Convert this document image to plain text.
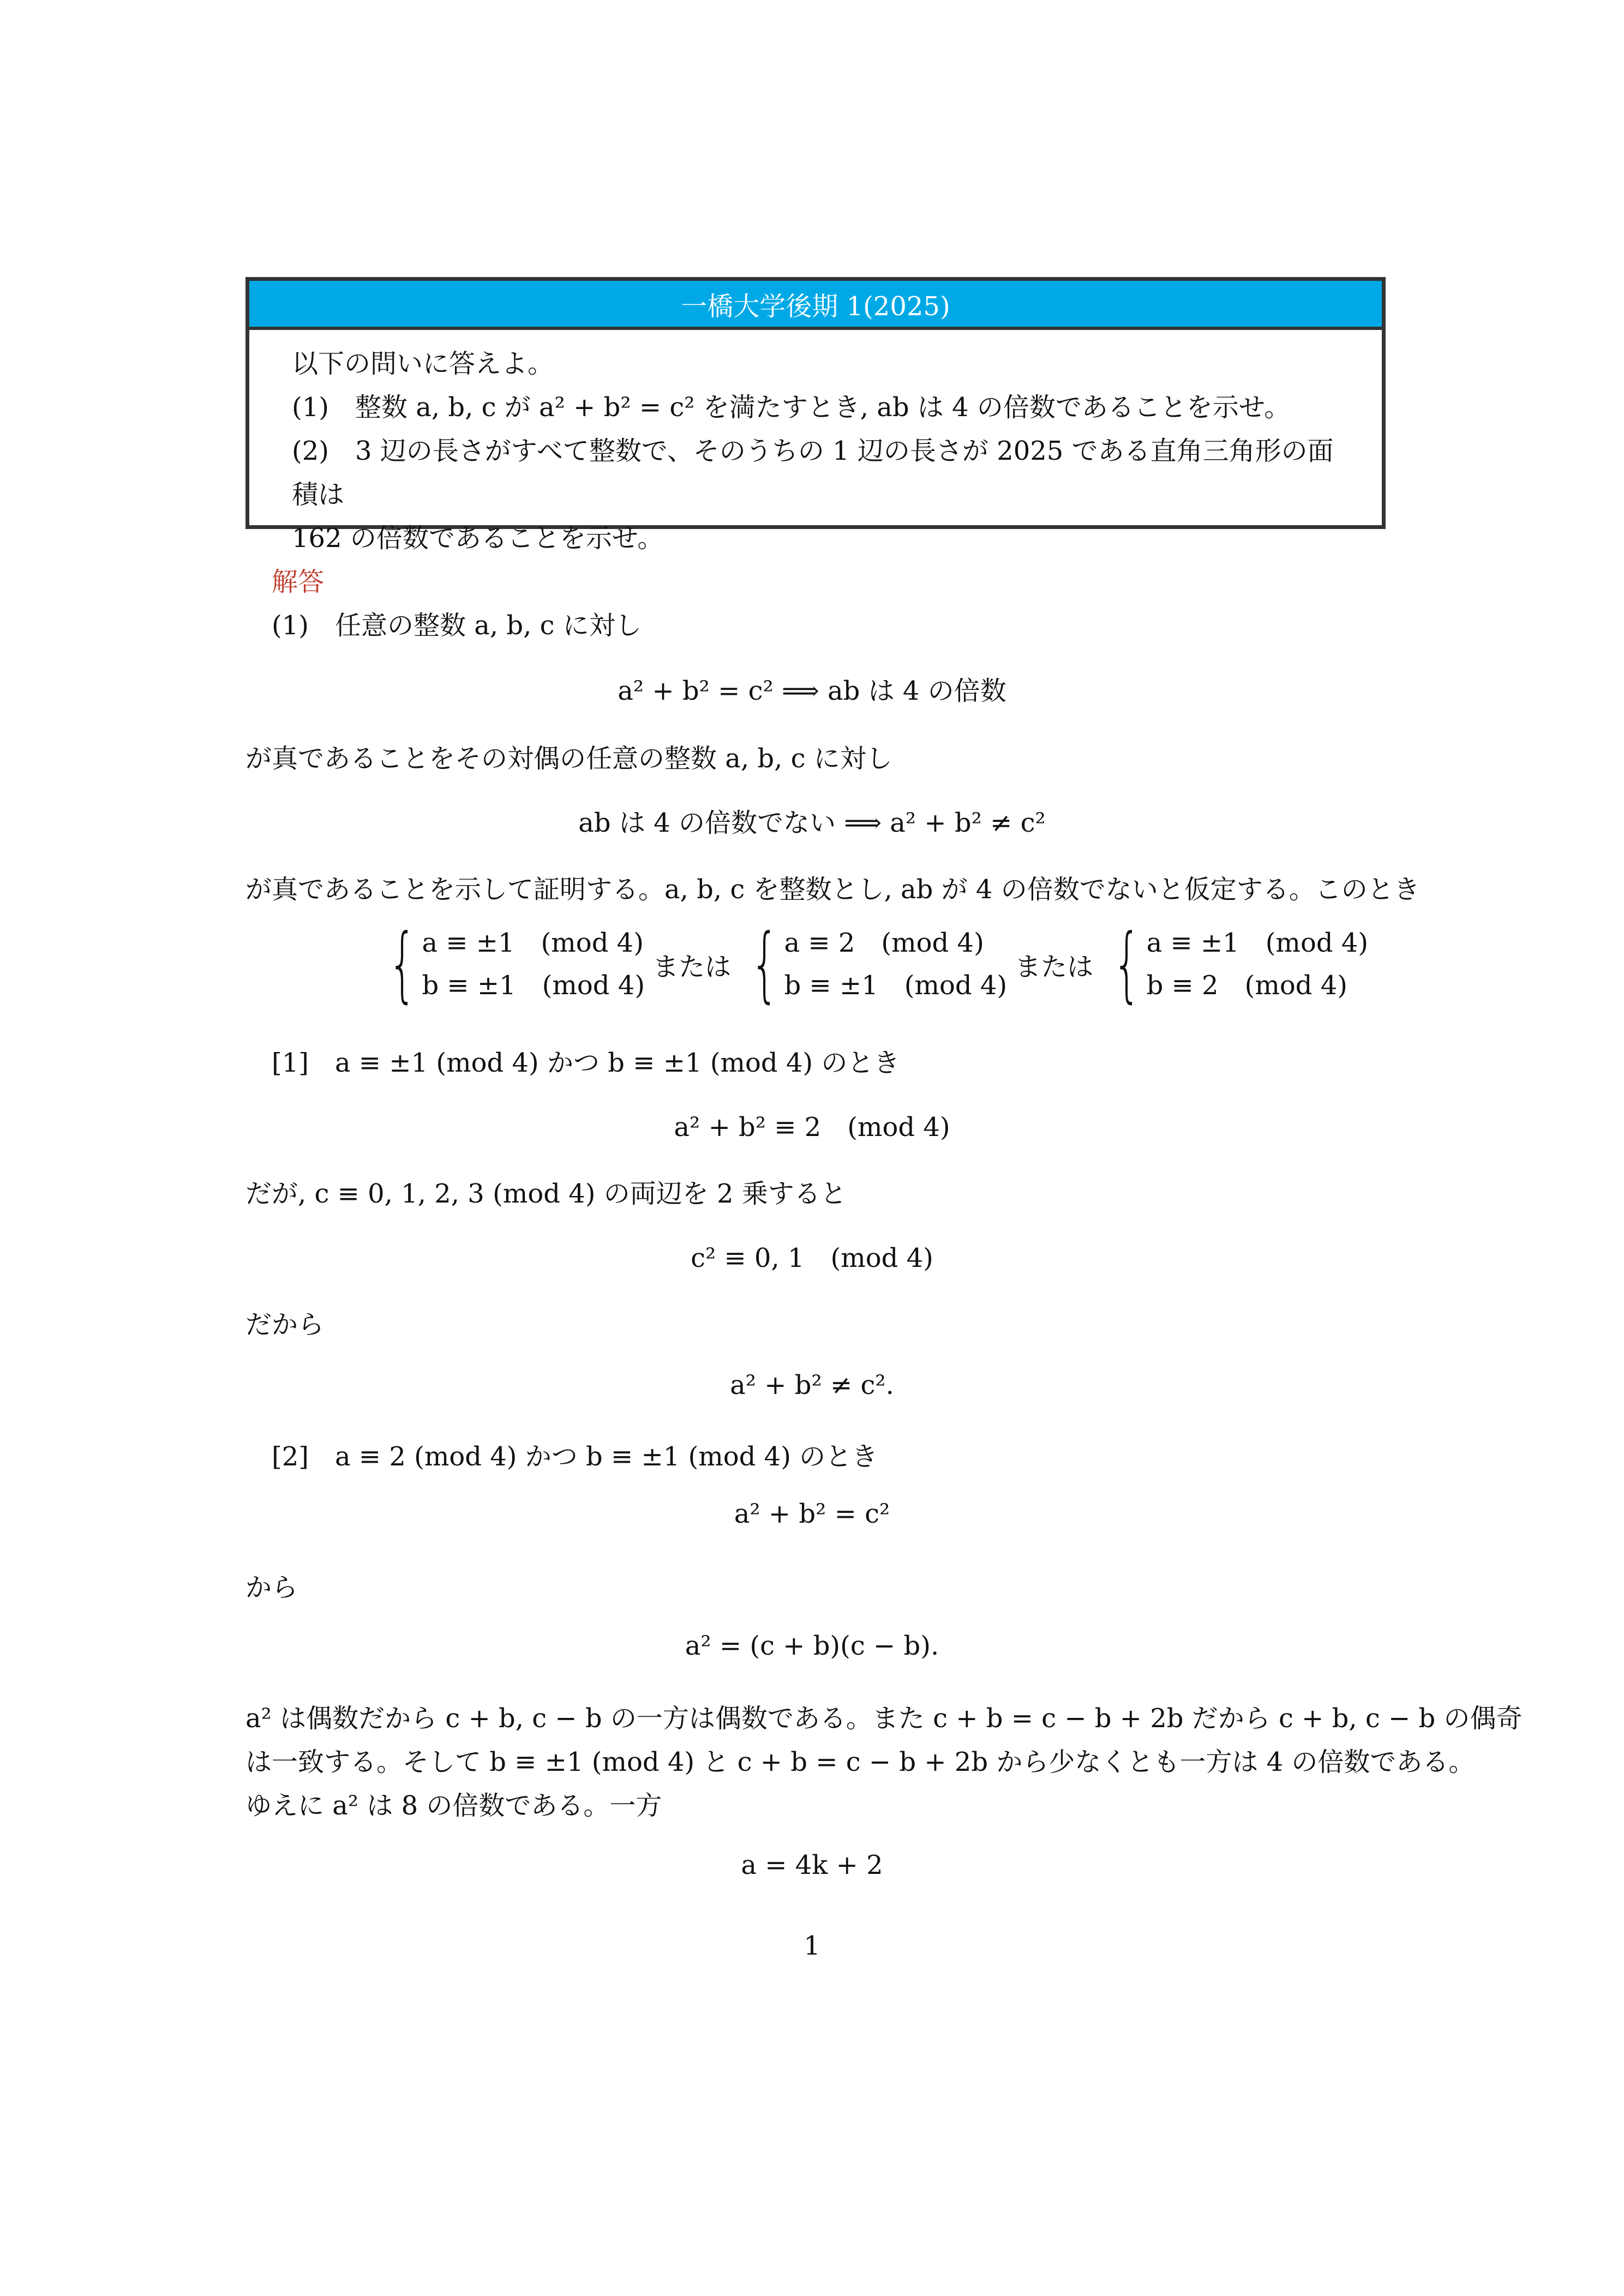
一橋大学後期 1(2025)
以下の問いに答えよ。
(1)　整数 a, b, c が a² + b² = c² を満たすとき, ab は 4 の倍数であることを示せ。
(2)　3 辺の長さがすべて整数で、そのうちの 1 辺の長さが 2025 である直角三角形の面積は
162 の倍数であることを示せ。
解答
(1)　任意の整数 a, b, c に対し
a² + b² = c² ⟹ ab は 4 の倍数
が真であることをその対偶の任意の整数 a, b, c に対し
ab は 4 の倍数でない ⟹ a² + b² ≠ c²
が真であることを示して証明する。a, b, c を整数とし, ab が 4 の倍数でないと仮定する。このとき
{ a ≡ ±1　(mod 4)
b ≡ ±1　(mod 4)
または { a ≡ 2　(mod 4)
b ≡ ±1　(mod 4)
または { a ≡ ±1　(mod 4)
b ≡ 2　(mod 4)
[1]　a ≡ ±1 (mod 4) かつ b ≡ ±1 (mod 4) のとき
a² + b² ≡ 2　(mod 4)
だが, c ≡ 0, 1, 2, 3 (mod 4) の両辺を 2 乗すると
c² ≡ 0, 1　(mod 4)
だから
a² + b² ≠ c².
[2]　a ≡ 2 (mod 4) かつ b ≡ ±1 (mod 4) のとき
a² + b² = c²
から
a² = (c + b)(c − b).
a² は偶数だから c + b, c − b の一方は偶数である。また c + b = c − b + 2b だから c + b, c − b の偶奇
は一致する。そして b ≡ ±1 (mod 4) と c + b = c − b + 2b から少なくとも一方は 4 の倍数である。
ゆえに a² は 8 の倍数である。一方
a = 4k + 2
1
